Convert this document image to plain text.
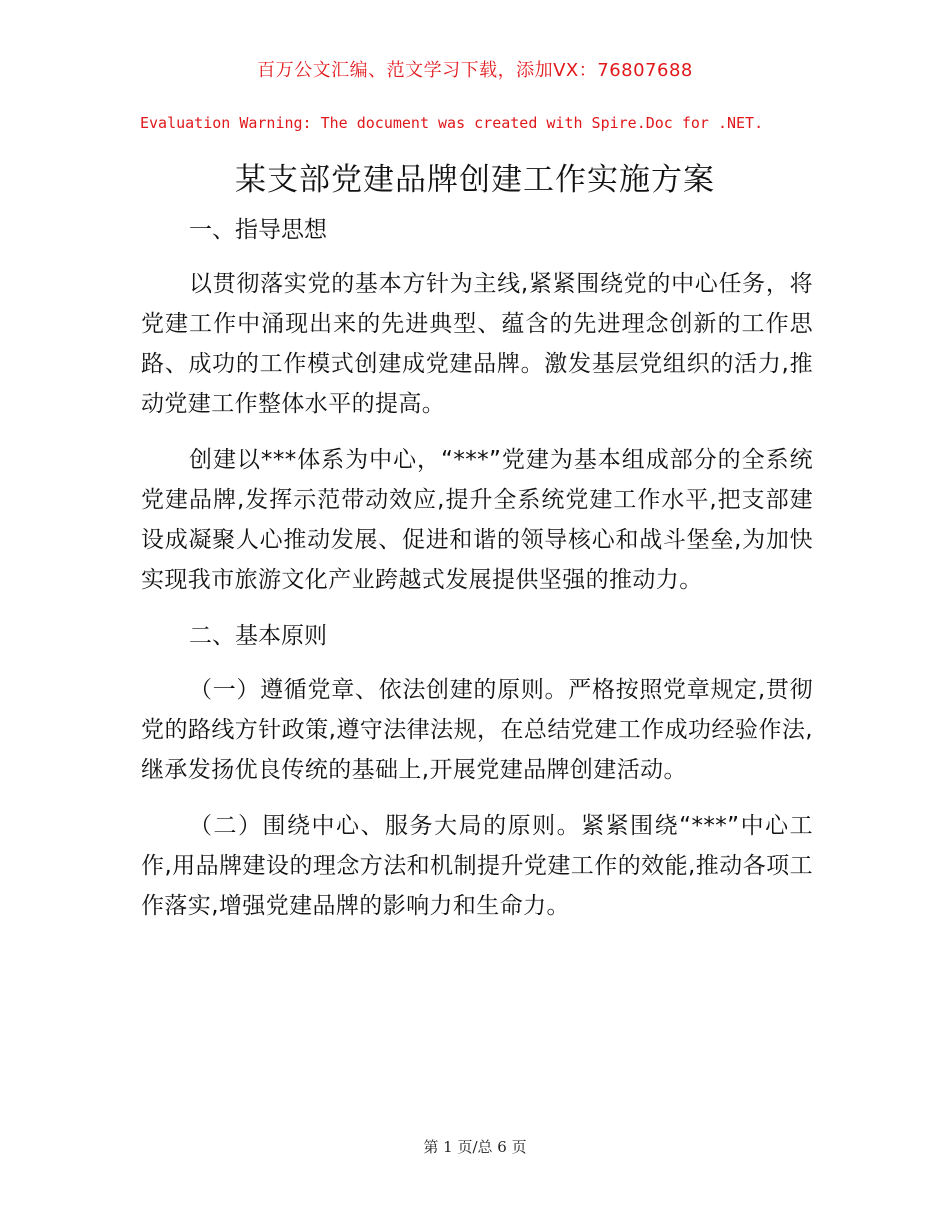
百万公文汇编、范文学习下载，添加VX：76807688
Evaluation Warning: The document was created with Spire.Doc for .NET.
某支部党建品牌创建工作实施方案
一、指导思想

以贯彻落实党的基本方针为主线,紧紧围绕党的中心任务，将党建工作中涌现出来的先进典型、蕴含的先进理念创新的工作思路、成功的工作模式创建成党建品牌。激发基层党组织的活力,推动党建工作整体水平的提高。

创建以***体系为中心，“***”党建为基本组成部分的全系统党建品牌,发挥示范带动效应,提升全系统党建工作水平,把支部建设成凝聚人心推动发展、促进和谐的领导核心和战斗堡垒,为加快实现我市旅游文化产业跨越式发展提供坚强的推动力。

二、基本原则

（一）遵循党章、依法创建的原则。严格按照党章规定,贯彻党的路线方针政策,遵守法律法规，在总结党建工作成功经验作法,继承发扬优良传统的基础上,开展党建品牌创建活动。

（二）围绕中心、服务大局的原则。紧紧围绕“***”中心工作,用品牌建设的理念方法和机制提升党建工作的效能,推动各项工作落实,增强党建品牌的影响力和生命力。

第 1 页/总 6 页
